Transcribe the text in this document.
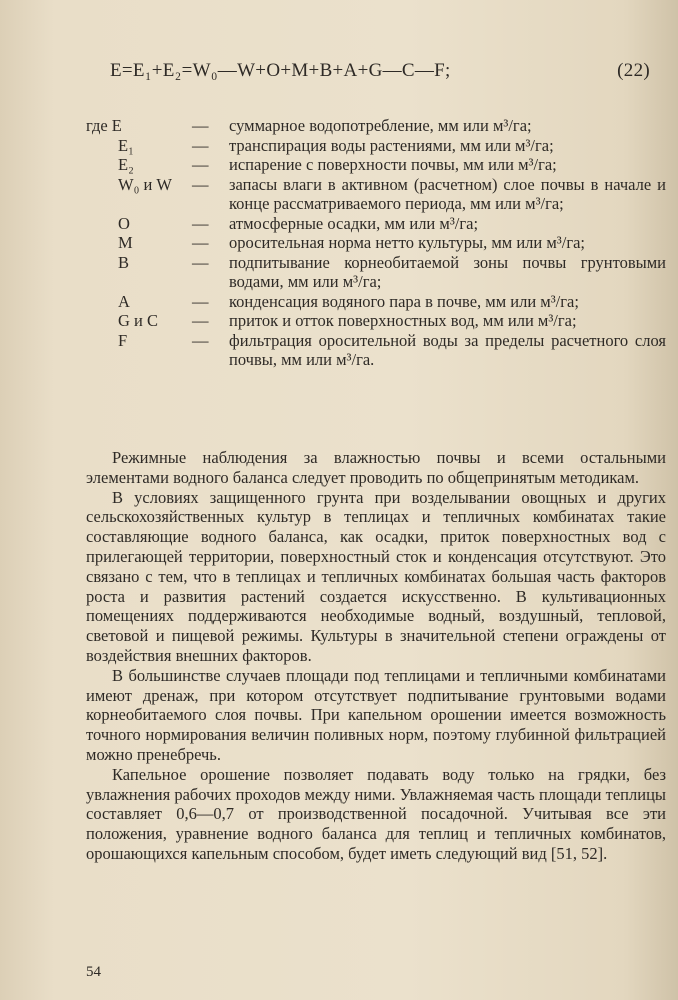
E=E₁+E₂=W₀—W+O+M+B+A+G—C—F;	(22)
где E	— суммарное водопотребление, мм или м³/га;
E₁	— транспирация воды растениями, мм или м³/га;
E₂	— испарение с поверхности почвы, мм или м³/га;
W₀ и W	— запасы влаги в активном (расчетном) слое почвы в начале и конце рассматриваемого периода, мм или м³/га;
O	— атмосферные осадки, мм или м³/га;
M	— оросительная норма нетто культуры, мм или м³/га;
B	— подпитывание корнеобитаемой зоны почвы грунтовыми водами, мм или м³/га;
A	— конденсация водяного пара в почве, мм или м³/га;
G и C	— приток и отток поверхностных вод, мм или м³/га;
F	— фильтрация оросительной воды за пределы расчетного слоя почвы, мм или м³/га.

Режимные наблюдения за влажностью почвы и всеми остальными элементами водного баланса следует проводить по общепринятым методикам.

В условиях защищенного грунта при возделывании овощных и других сельскохозяйственных культур в теплицах и тепличных комбинатах такие составляющие водного баланса, как осадки, приток поверхностных вод с прилегающей территории, поверхностный сток и конденсация отсутствуют. Это связано с тем, что в теплицах и тепличных комбинатах большая часть факторов роста и развития растений создается искусственно. В культивационных помещениях поддерживаются необходимые водный, воздушный, тепловой, световой и пищевой режимы. Культуры в значительной степени ограждены от воздействия внешних факторов.

В большинстве случаев площади под теплицами и тепличными комбинатами имеют дренаж, при котором отсутствует подпитывание грунтовыми водами корнеобитаемого слоя почвы. При капельном орошении имеется возможность точного нормирования величин поливных норм, поэтому глубинной фильтрацией можно пренебречь.

Капельное орошение позволяет подавать воду только на грядки, без увлажнения рабочих проходов между ними. Увлажняемая часть площади теплицы составляет 0,6—0,7 от производственной посадочной. Учитывая все эти положения, уравнение водного баланса для теплиц и тепличных комбинатов, орошающихся капельным способом, будет иметь следующий вид [51, 52].

54
